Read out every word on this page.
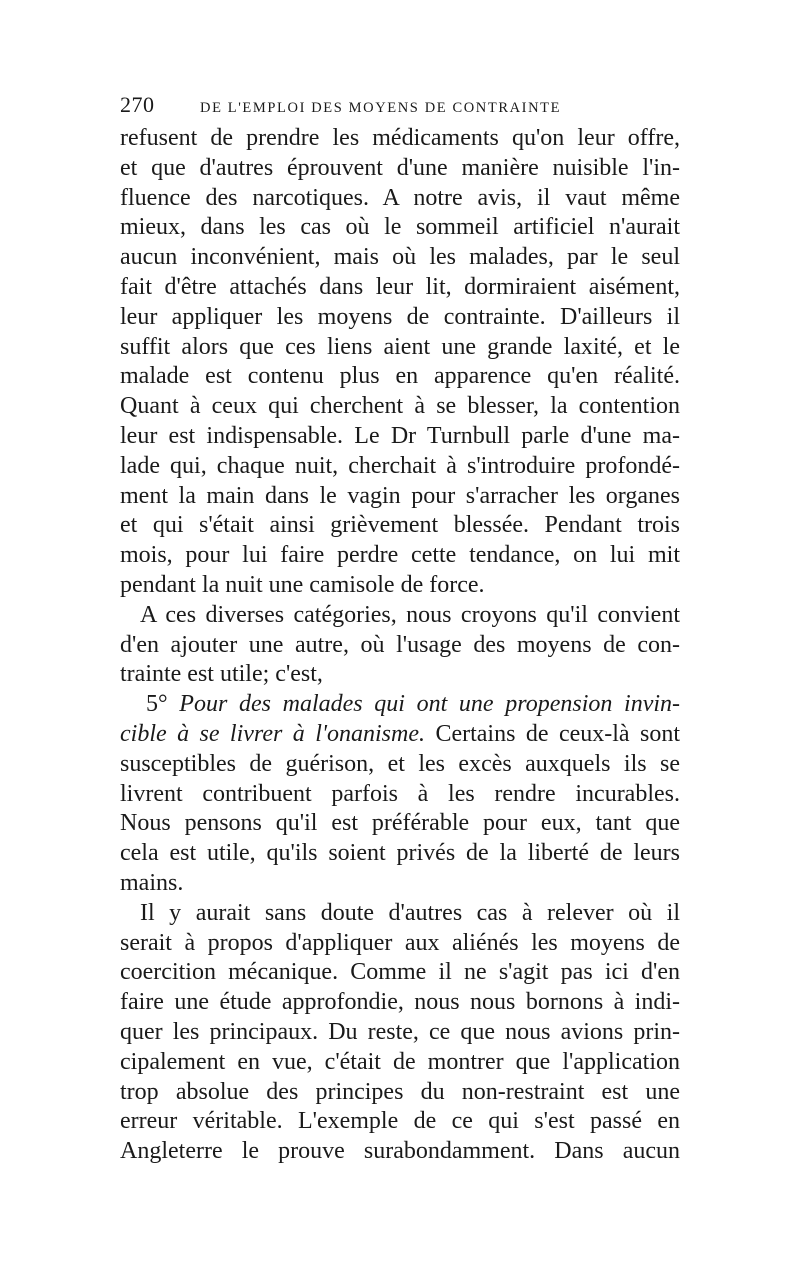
270	DE L'EMPLOI DES MOYENS DE CONTRAINTE
refusent de prendre les médicaments qu'on leur offre,
et que d'autres éprouvent d'une manière nuisible l'in-
fluence des narcotiques. A notre avis, il vaut même
mieux, dans les cas où le sommeil artificiel n'aurait
aucun inconvénient, mais où les malades, par le seul
fait d'être attachés dans leur lit, dormiraient aisément,
leur appliquer les moyens de contrainte. D'ailleurs il
suffit alors que ces liens aient une grande laxité, et le
malade est contenu plus en apparence qu'en réalité.
Quant à ceux qui cherchent à se blesser, la contention
leur est indispensable. Le Dr Turnbull parle d'une ma-
lade qui, chaque nuit, cherchait à s'introduire profondé-
ment la main dans le vagin pour s'arracher les organes
et qui s'était ainsi grièvement blessée. Pendant trois
mois, pour lui faire perdre cette tendance, on lui mit
pendant la nuit une camisole de force.
A ces diverses catégories, nous croyons qu'il convient
d'en ajouter une autre, où l'usage des moyens de con-
trainte est utile; c'est,
5° Pour des malades qui ont une propension invin-
cible à se livrer à l'onanisme. Certains de ceux-là sont
susceptibles de guérison, et les excès auxquels ils se
livrent contribuent parfois à les rendre incurables.
Nous pensons qu'il est préférable pour eux, tant que
cela est utile, qu'ils soient privés de la liberté de leurs
mains.
Il y aurait sans doute d'autres cas à relever où il
serait à propos d'appliquer aux aliénés les moyens de
coercition mécanique. Comme il ne s'agit pas ici d'en
faire une étude approfondie, nous nous bornons à indi-
quer les principaux. Du reste, ce que nous avions prin-
cipalement en vue, c'était de montrer que l'application
trop absolue des principes du non-restraint est une
erreur véritable. L'exemple de ce qui s'est passé en
Angleterre le prouve surabondamment. Dans aucun
